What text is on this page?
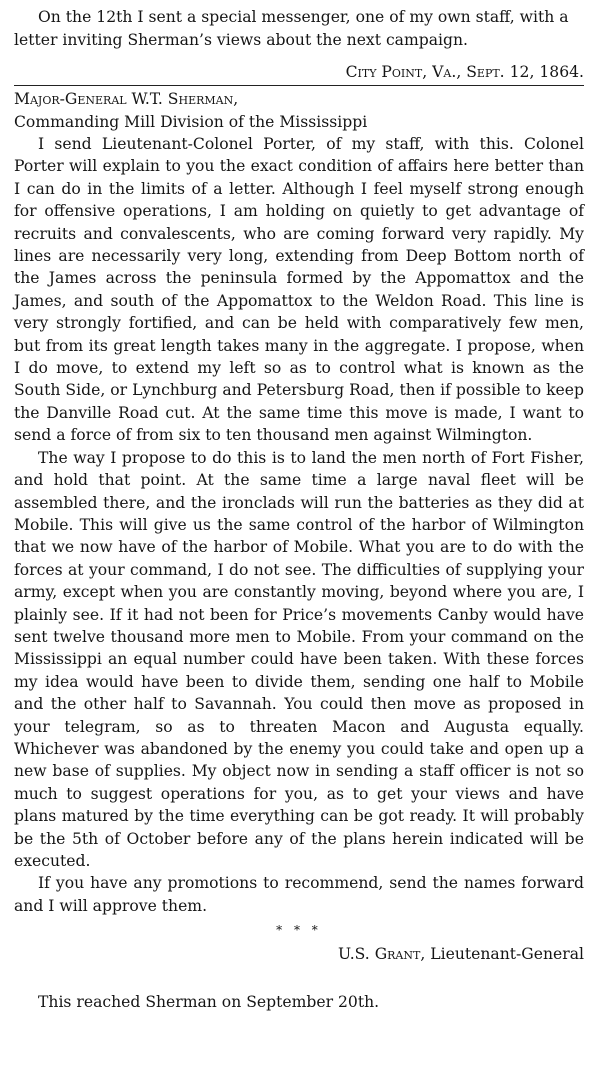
On the 12th I sent a special messenger, one of my own staff, with a letter inviting Sherman’s views about the next campaign.

City Point, Va., Sept. 12, 1864.

Major-General W.T. Sherman,
Commanding Mill Division of the Mississippi

I send Lieutenant-Colonel Porter, of my staff, with this. Colonel Porter will explain to you the exact condition of affairs here better than I can do in the limits of a letter. Although I feel myself strong enough for offensive operations, I am holding on quietly to get advantage of recruits and convalescents, who are coming forward very rapidly. My lines are necessarily very long, extending from Deep Bottom north of the James across the peninsula formed by the Appomattox and the James, and south of the Appomattox to the Weldon Road. This line is very strongly fortified, and can be held with comparatively few men, but from its great length takes many in the aggregate. I propose, when I do move, to extend my left so as to control what is known as the South Side, or Lynchburg and Petersburg Road, then if possible to keep the Danville Road cut. At the same time this move is made, I want to send a force of from six to ten thousand men against Wilmington.

The way I propose to do this is to land the men north of Fort Fisher, and hold that point. At the same time a large naval fleet will be assembled there, and the ironclads will run the batteries as they did at Mobile. This will give us the same control of the harbor of Wilmington that we now have of the harbor of Mobile. What you are to do with the forces at your command, I do not see. The difficulties of supplying your army, except when you are constantly moving, beyond where you are, I plainly see. If it had not been for Price’s movements Canby would have sent twelve thousand more men to Mobile. From your command on the Mississippi an equal number could have been taken. With these forces my idea would have been to divide them, sending one half to Mobile and the other half to Savannah. You could then move as proposed in your telegram, so as to threaten Macon and Augusta equally. Whichever was abandoned by the enemy you could take and open up a new base of supplies. My object now in sending a staff officer is not so much to suggest operations for you, as to get your views and have plans matured by the time everything can be got ready. It will probably be the 5th of October before any of the plans herein indicated will be executed.

If you have any promotions to recommend, send the names forward and I will approve them.

* * *
U.S. Grant, Lieutenant-General

This reached Sherman on September 20th.
